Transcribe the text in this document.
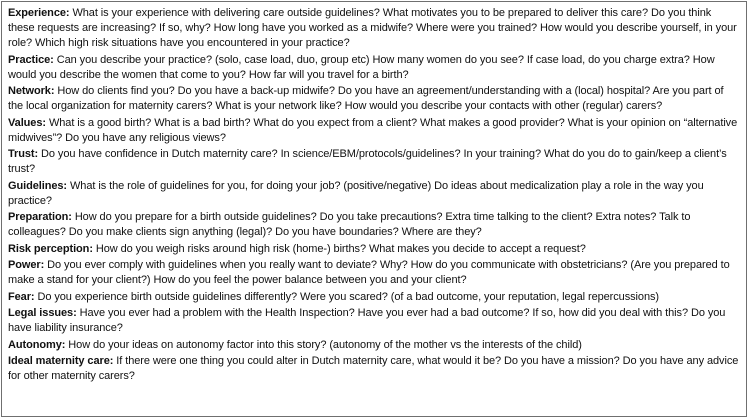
Experience: What is your experience with delivering care outside guidelines? What motivates you to be prepared to deliver this care? Do you think these requests are increasing? If so, why? How long have you worked as a midwife? Where were you trained? How would you describe yourself, in your role? Which high risk situations have you encountered in your practice?

Practice: Can you describe your practice? (solo, case load, duo, group etc) How many women do you see? If case load, do you charge extra? How would you describe the women that come to you? How far will you travel for a birth?

Network: How do clients find you? Do you have a back-up midwife? Do you have an agreement/understanding with a (local) hospital? Are you part of the local organization for maternity carers? What is your network like? How would you describe your contacts with other (regular) carers?

Values: What is a good birth? What is a bad birth? What do you expect from a client? What makes a good provider? What is your opinion on “alternative midwives”? Do you have any religious views?

Trust: Do you have confidence in Dutch maternity care? In science/EBM/protocols/guidelines? In your training? What do you do to gain/keep a client’s trust?

Guidelines: What is the role of guidelines for you, for doing your job? (positive/negative) Do ideas about medicalization play a role in the way you practice?

Preparation: How do you prepare for a birth outside guidelines? Do you take precautions? Extra time talking to the client? Extra notes? Talk to colleagues? Do you make clients sign anything (legal)? Do you have boundaries? Where are they?

Risk perception: How do you weigh risks around high risk (home-) births? What makes you decide to accept a request?

Power: Do you ever comply with guidelines when you really want to deviate? Why? How do you communicate with obstetricians? (Are you prepared to make a stand for your client?) How do you feel the power balance between you and your client?

Fear: Do you experience birth outside guidelines differently? Were you scared? (of a bad outcome, your reputation, legal repercussions)

Legal issues: Have you ever had a problem with the Health Inspection? Have you ever had a bad outcome? If so, how did you deal with this? Do you have liability insurance?

Autonomy: How do your ideas on autonomy factor into this story? (autonomy of the mother vs the interests of the child)

Ideal maternity care: If there were one thing you could alter in Dutch maternity care, what would it be? Do you have a mission? Do you have any advice for other maternity carers?
